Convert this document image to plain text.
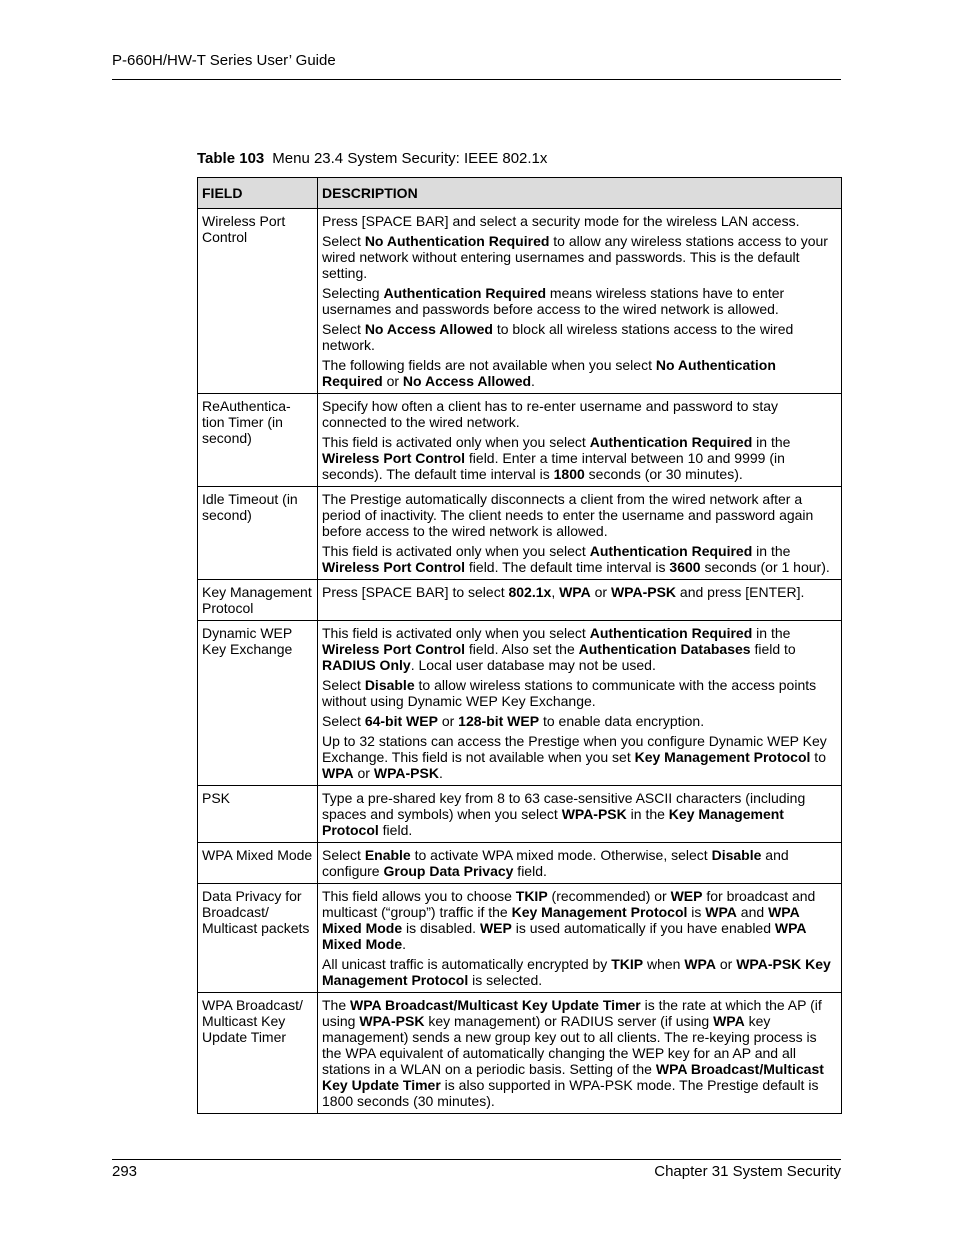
P-660H/HW-T Series User’ Guide
Table 103 Menu 23.4 System Security: IEEE 802.1x
FIELD	DESCRIPTION
Wireless Port Control	Press [SPACE BAR] and select a security mode for the wireless LAN access.

Select No Authentication Required to allow any wireless stations access to your wired network without entering usernames and passwords. This is the default setting.

Selecting Authentication Required means wireless stations have to enter usernames and passwords before access to the wired network is allowed.

Select No Access Allowed to block all wireless stations access to the wired network.

The following fields are not available when you select No Authentication Required or No Access Allowed.

ReAuthentica-tion Timer (in second)	Specify how often a client has to re-enter username and password to stay connected to the wired network.

This field is activated only when you select Authentication Required in the Wireless Port Control field. Enter a time interval between 10 and 9999 (in seconds). The default time interval is 1800 seconds (or 30 minutes).

Idle Timeout (in second)	The Prestige automatically disconnects a client from the wired network after a period of inactivity. The client needs to enter the username and password again before access to the wired network is allowed.

This field is activated only when you select Authentication Required in the Wireless Port Control field. The default time interval is 3600 seconds (or 1 hour).

Key Management Protocol	Press [SPACE BAR] to select 802.1x, WPA or WPA-PSK and press [ENTER].

Dynamic WEP Key Exchange	This field is activated only when you select Authentication Required in the Wireless Port Control field. Also set the Authentication Databases field to RADIUS Only. Local user database may not be used.

Select Disable to allow wireless stations to communicate with the access points without using Dynamic WEP Key Exchange.

Select 64-bit WEP or 128-bit WEP to enable data encryption.

Up to 32 stations can access the Prestige when you configure Dynamic WEP Key Exchange. This field is not available when you set Key Management Protocol to WPA or WPA-PSK.

PSK	Type a pre-shared key from 8 to 63 case-sensitive ASCII characters (including spaces and symbols) when you select WPA-PSK in the Key Management Protocol field.

WPA Mixed Mode	Select Enable to activate WPA mixed mode. Otherwise, select Disable and configure Group Data Privacy field.

Data Privacy for Broadcast/ Multicast packets	This field allows you to choose TKIP (recommended) or WEP for broadcast and multicast (“group”) traffic if the Key Management Protocol is WPA and WPA Mixed Mode is disabled. WEP is used automatically if you have enabled WPA Mixed Mode.

All unicast traffic is automatically encrypted by TKIP when WPA or WPA-PSK Key Management Protocol is selected.

WPA Broadcast/ Multicast Key Update Timer	The WPA Broadcast/Multicast Key Update Timer is the rate at which the AP (if using WPA-PSK key management) or RADIUS server (if using WPA key management) sends a new group key out to all clients. The re-keying process is the WPA equivalent of automatically changing the WEP key for an AP and all stations in a WLAN on a periodic basis. Setting of the WPA Broadcast/Multicast Key Update Timer is also supported in WPA-PSK mode. The Prestige default is 1800 seconds (30 minutes).

293	Chapter 31 System Security
